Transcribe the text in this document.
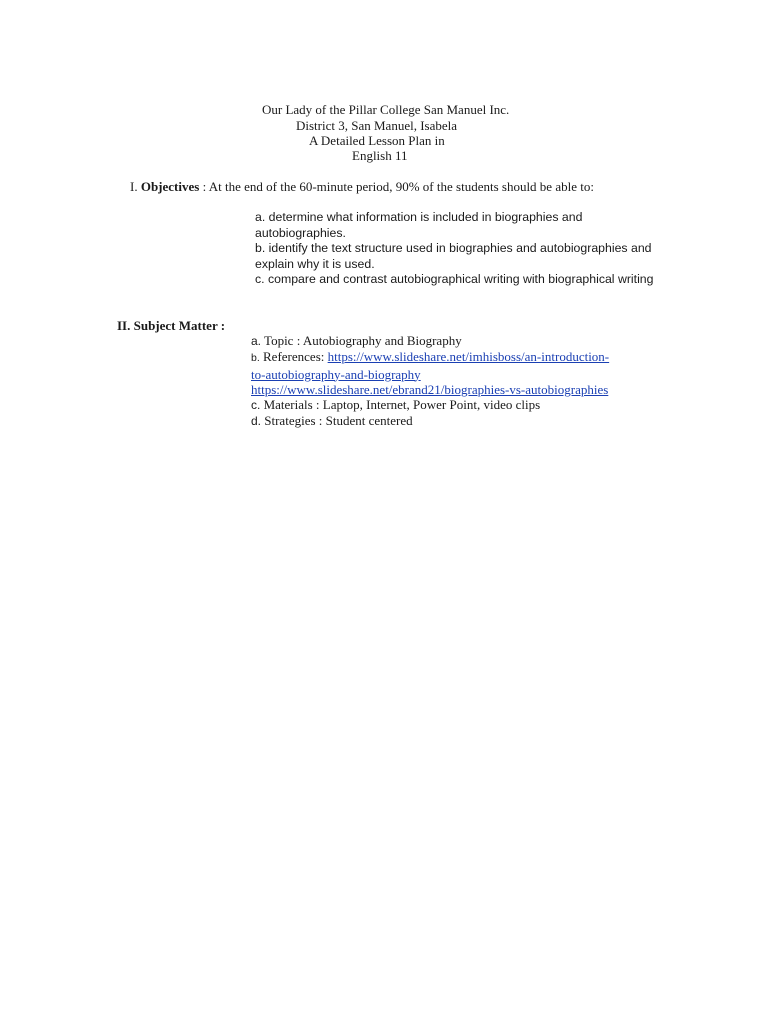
Our Lady of the Pillar College San Manuel Inc.
District 3, San Manuel, Isabela
A Detailed Lesson Plan in
English 11
I. Objectives : At the end of the 60-minute period, 90% of the students should be able to:
a. determine what information is included in biographies and autobiographies.
b. identify the text structure used in biographies and autobiographies and explain why it is used.
c. compare and contrast autobiographical writing with biographical writing
II. Subject Matter :
a. Topic : Autobiography and Biography
b. References: https://www.slideshare.net/imhisboss/an-introduction-
to-autobiography-and-biography
https://www.slideshare.net/ebrand21/biographies-vs-autobiographies
c. Materials : Laptop, Internet, Power Point, video clips
d. Strategies : Student centered
